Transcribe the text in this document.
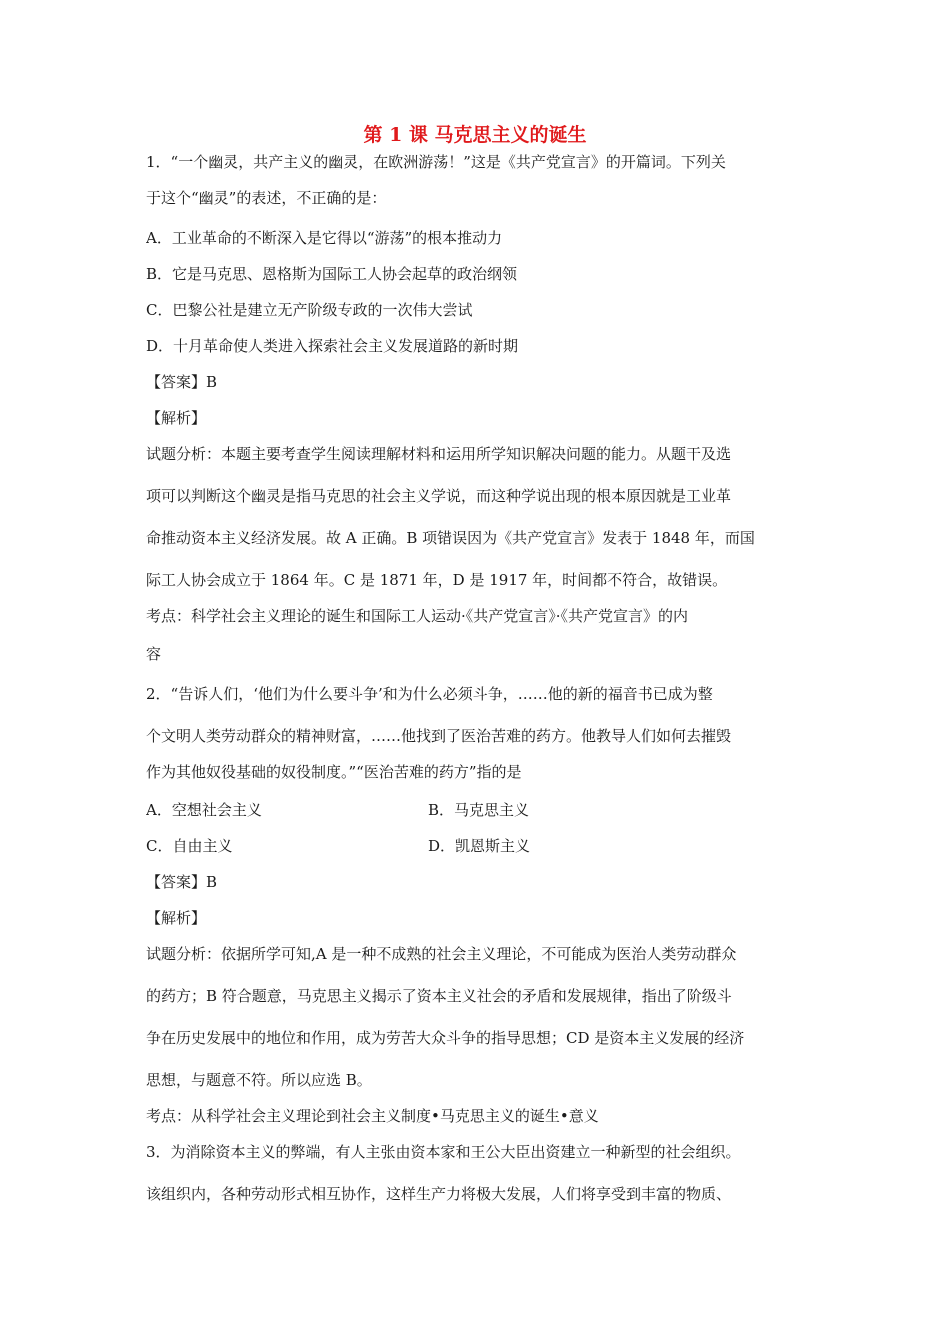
第 1 课 马克思主义的诞生
1．“一个幽灵，共产主义的幽灵，在欧洲游荡！”这是《共产党宣言》的开篇词。下列关
于这个“幽灵”的表述，不正确的是：
A．工业革命的不断深入是它得以“游荡”的根本推动力
B．它是马克思、恩格斯为国际工人协会起草的政治纲领
C．巴黎公社是建立无产阶级专政的一次伟大尝试
D．十月革命使人类进入探索社会主义发展道路的新时期
【答案】B
【解析】
试题分析：本题主要考查学生阅读理解材料和运用所学知识解决问题的能力。从题干及选
项可以判断这个幽灵是指马克思的社会主义学说，而这种学说出现的根本原因就是工业革
命推动资本主义经济发展。故 A 正确。B 项错误因为《共产党宣言》发表于 1848 年，而国
际工人协会成立于 1864 年。C 是 1871 年，D 是 1917 年，时间都不符合，故错误。
考点：科学社会主义理论的诞生和国际工人运动·《共产党宣言》·《共产党宣言》的内
容
2．“告诉人们，‘他们为什么要斗争’和为什么必须斗争，……他的新的福音书已成为整
个文明人类劳动群众的精神财富，……他找到了医治苦难的药方。他教导人们如何去摧毁
作为其他奴役基础的奴役制度。”“医治苦难的药方”指的是
A．空想社会主义	B．马克思主义
C．自由主义	D．凯恩斯主义
【答案】B
【解析】
试题分析：依据所学可知,A 是一种不成熟的社会主义理论，不可能成为医治人类劳动群众
的药方；B 符合题意，马克思主义揭示了资本主义社会的矛盾和发展规律，指出了阶级斗
争在历史发展中的地位和作用，成为劳苦大众斗争的指导思想；CD 是资本主义发展的经济
思想，与题意不符。所以应选 B。
考点：从科学社会主义理论到社会主义制度•马克思主义的诞生•意义
3．为消除资本主义的弊端，有人主张由资本家和王公大臣出资建立一种新型的社会组织。
该组织内，各种劳动形式相互协作，这样生产力将极大发展，人们将享受到丰富的物质、
